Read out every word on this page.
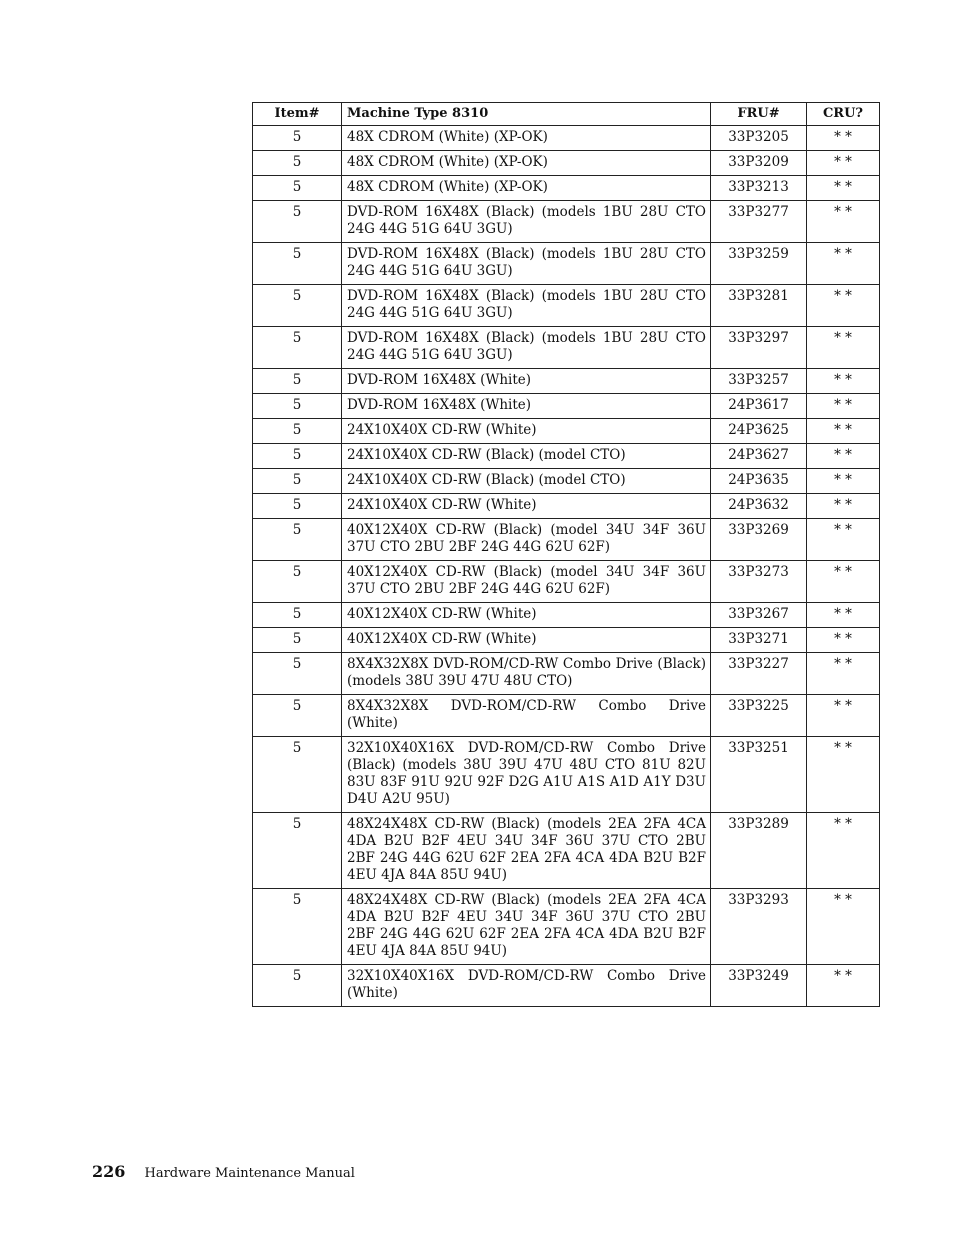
Item#	Machine Type 8310	FRU#	CRU?
5	48X CDROM (White) (XP-OK)	33P3205	* *
5	48X CDROM (White) (XP-OK)	33P3209	* *
5	48X CDROM (White) (XP-OK)	33P3213	* *
5	DVD-ROM 16X48X (Black) (models 1BU 28U CTO 24G 44G 51G 64U 3GU)	33P3277	* *
5	DVD-ROM 16X48X (Black) (models 1BU 28U CTO 24G 44G 51G 64U 3GU)	33P3259	* *
5	DVD-ROM 16X48X (Black) (models 1BU 28U CTO 24G 44G 51G 64U 3GU)	33P3281	* *
5	DVD-ROM 16X48X (Black) (models 1BU 28U CTO 24G 44G 51G 64U 3GU)	33P3297	* *
5	DVD-ROM 16X48X (White)	33P3257	* *
5	DVD-ROM 16X48X (White)	24P3617	* *
5	24X10X40X CD-RW (White)	24P3625	* *
5	24X10X40X CD-RW (Black) (model CTO)	24P3627	* *
5	24X10X40X CD-RW (Black) (model CTO)	24P3635	* *
5	24X10X40X CD-RW (White)	24P3632	* *
5	40X12X40X CD-RW (Black) (model 34U 34F 36U 37U CTO 2BU 2BF 24G 44G 62U 62F)	33P3269	* *
5	40X12X40X CD-RW (Black) (model 34U 34F 36U 37U CTO 2BU 2BF 24G 44G 62U 62F)	33P3273	* *
5	40X12X40X CD-RW (White)	33P3267	* *
5	40X12X40X CD-RW (White)	33P3271	* *
5	8X4X32X8X DVD-ROM/CD-RW Combo Drive (Black) (models 38U 39U 47U 48U CTO)	33P3227	* *
5	8X4X32X8X DVD-ROM/CD-RW Combo Drive (White)	33P3225	* *
5	32X10X40X16X DVD-ROM/CD-RW Combo Drive (Black) (models 38U 39U 47U 48U CTO 81U 82U 83U 83F 91U 92U 92F D2G A1U A1S A1D A1Y D3U D4U A2U 95U)	33P3251	* *
5	48X24X48X CD-RW (Black) (models 2EA 2FA 4CA 4DA B2U B2F 4EU 34U 34F 36U 37U CTO 2BU 2BF 24G 44G 62U 62F 2EA 2FA 4CA 4DA B2U B2F 4EU 4JA 84A 85U 94U)	33P3289	* *
5	48X24X48X CD-RW (Black) (models 2EA 2FA 4CA 4DA B2U B2F 4EU 34U 34F 36U 37U CTO 2BU 2BF 24G 44G 62U 62F 2EA 2FA 4CA 4DA B2U B2F 4EU 4JA 84A 85U 94U)	33P3293	* *
5	32X10X40X16X DVD-ROM/CD-RW Combo Drive (White)	33P3249	* *
226 Hardware Maintenance Manual
